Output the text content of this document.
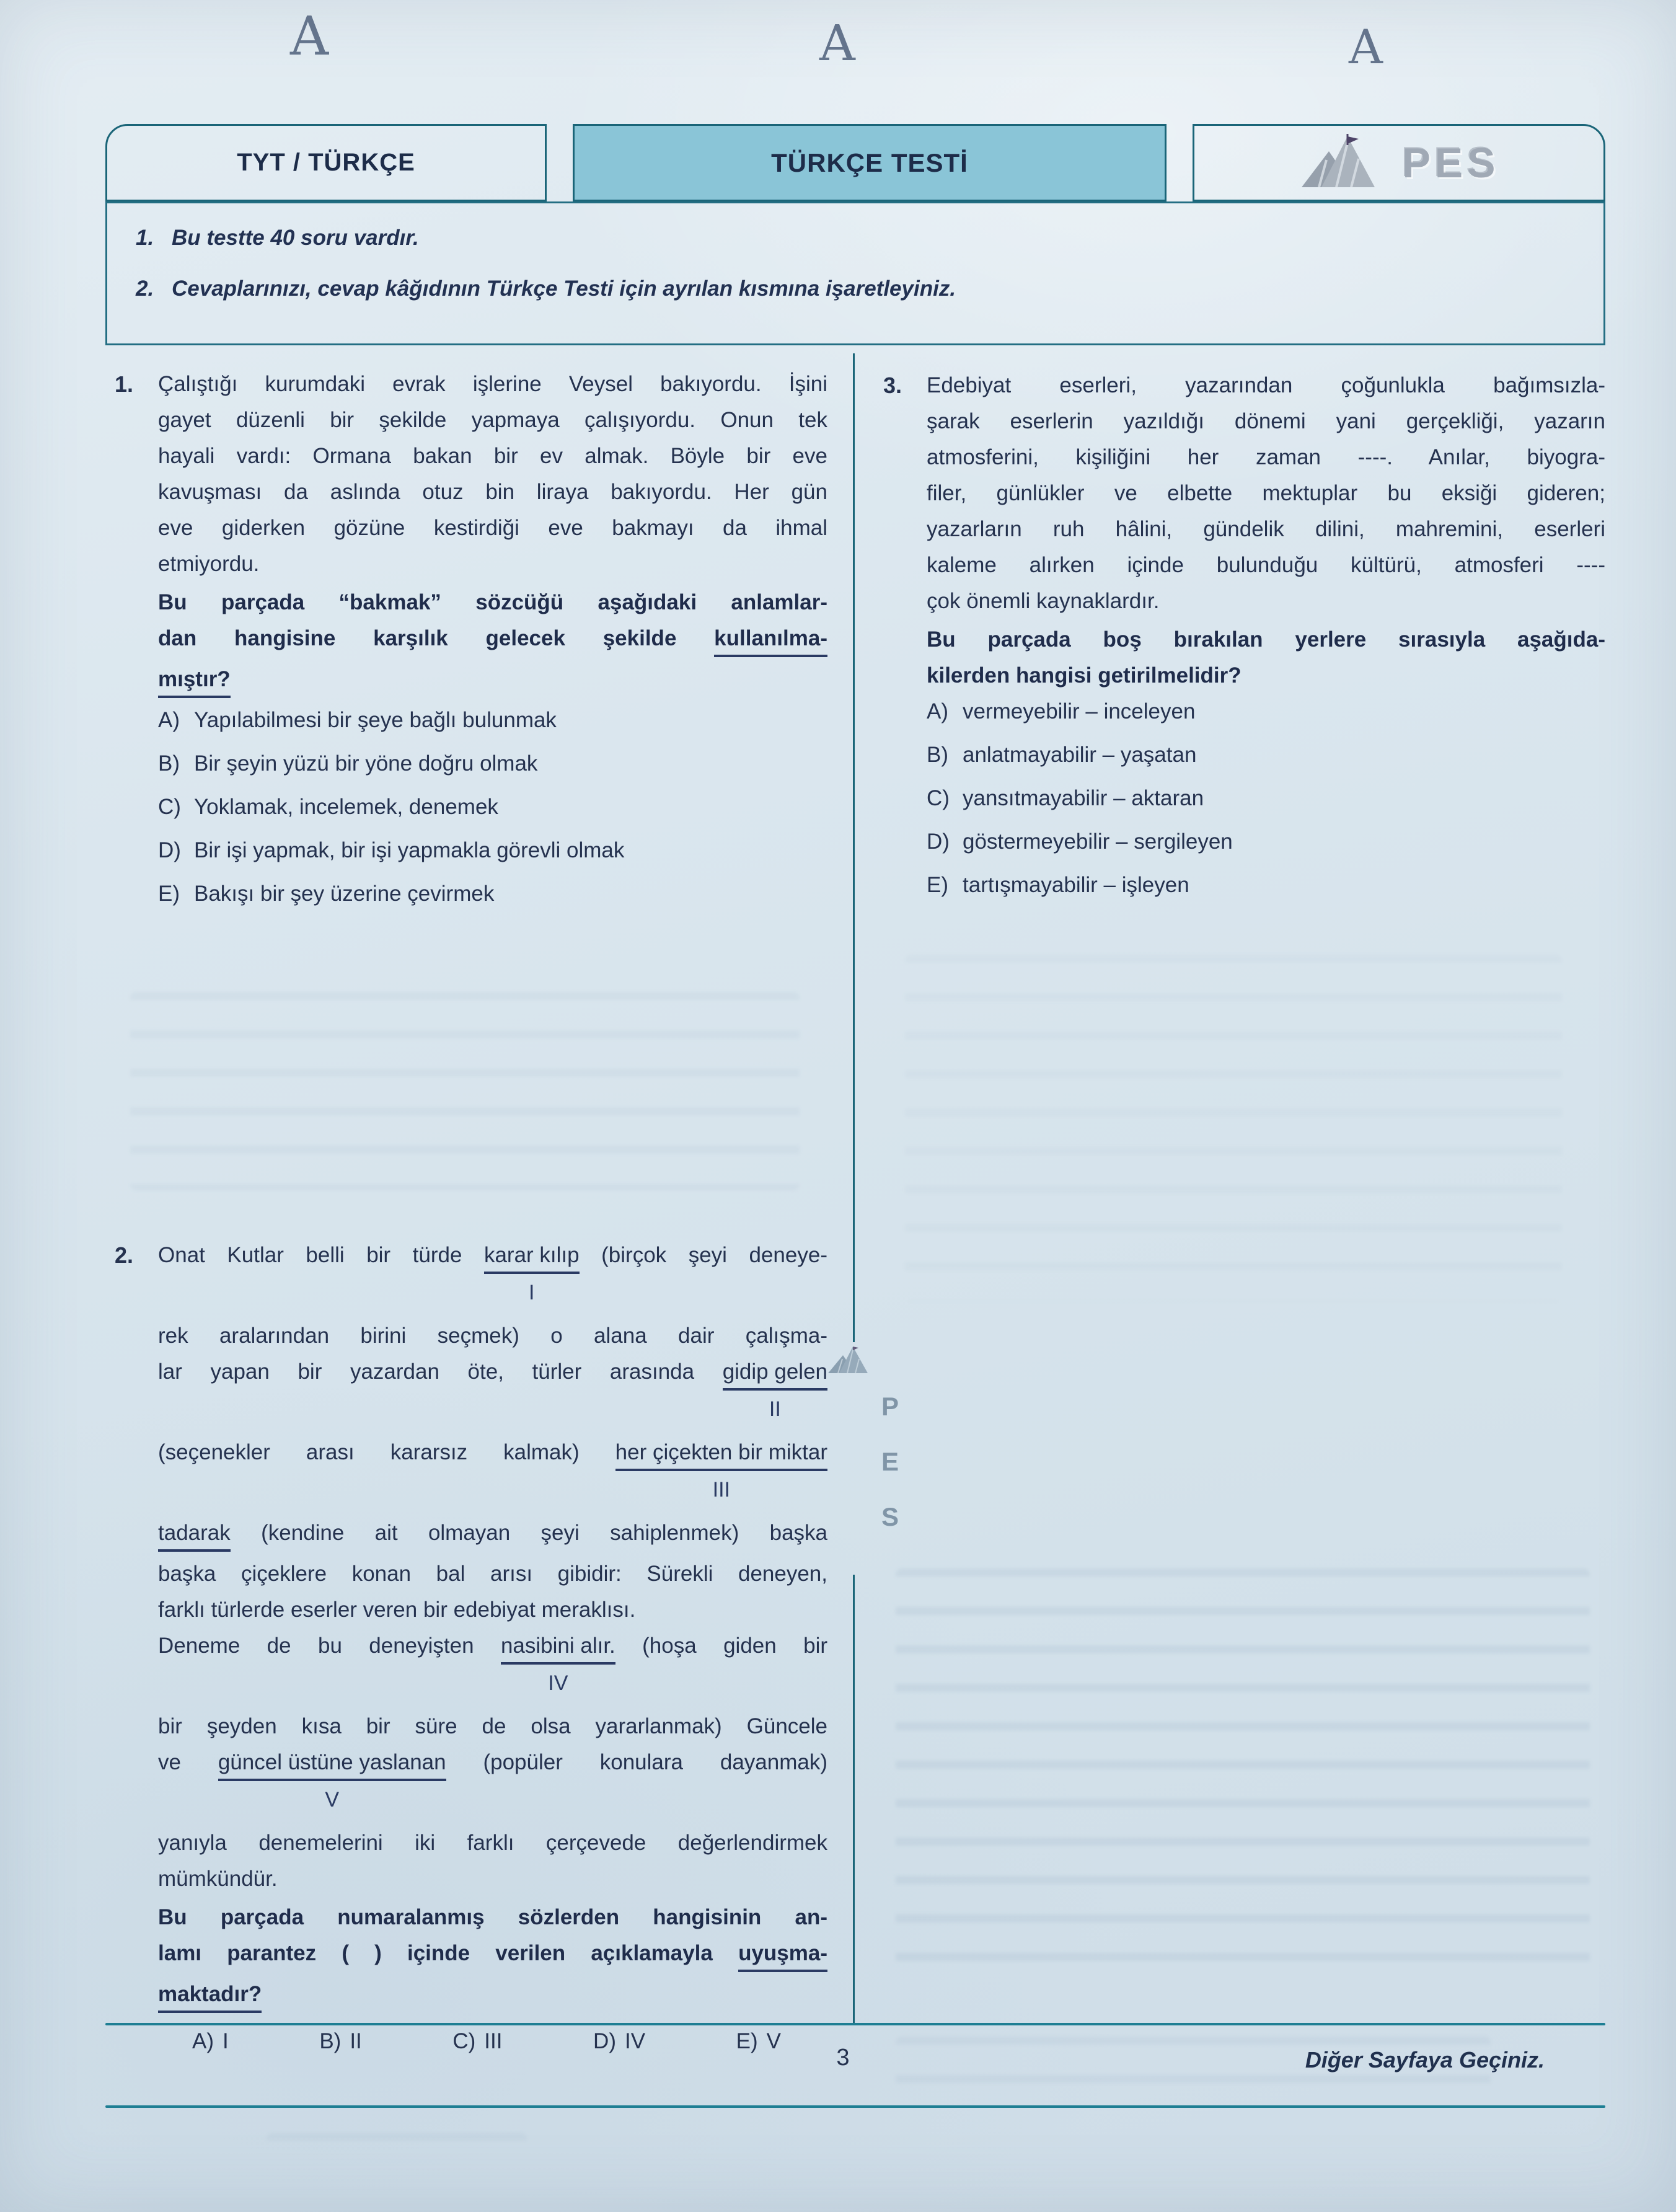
A	A	A
TYT / TÜRKÇE	TÜRKÇE TESTİ	PES
1. Bu testte 40 soru vardır.
2. Cevaplarınızı, cevap kâğıdının Türkçe Testi için ayrılan kısmına işaretleyiniz.
P
E
S
1.	Çalıştığı kurumdaki evrak işlerine Veysel bakıyordu. İşini
gayet düzenli bir şekilde yapmaya çalışıyordu. Onun tek
hayali vardı: Ormana bakan bir ev almak. Böyle bir eve
kavuşması da aslında otuz bin liraya bakıyordu. Her gün
eve giderken gözüne kestirdiği eve bakmayı da ihmal
etmiyordu.
Bu parçada “bakmak” sözcüğü aşağıdaki anlamlar-
dan hangisine karşılık gelecek şekilde kullanılma-
mıştır?
A) Yapılabilmesi bir şeye bağlı bulunmak
B) Bir şeyin yüzü bir yöne doğru olmak
C) Yoklamak, incelemek, denemek
D) Bir işi yapmak, bir işi yapmakla görevli olmak
E) Bakışı bir şey üzerine çevirmek
2.	Onat Kutlar belli bir türde karar kılıp
I
(birçok şeyi deneye-
rek aralarından birini seçmek) o alana dair çalışma-
lar yapan bir yazardan öte, türler arasında gidip gelen
II
(seçenekler arası kararsız kalmak) her çiçekten bir miktar
III
tadarak (kendine ait olmayan şeyi sahiplenmek) başka
başka çiçeklere konan bal arısı gibidir: Sürekli deneyen,
farklı türlerde eserler veren bir edebiyat meraklısı.
Deneme de bu deneyişten nasibini alır.
IV
(hoşa giden bir
bir şeyden kısa bir süre de olsa yararlanmak) Güncele
ve güncel üstüne yaslanan
V
(popüler konulara dayanmak)
yanıyla denemelerini iki farklı çerçevede değerlendirmek
mümkündür.
Bu parçada numaralanmış sözlerden hangisinin an-
lamı parantez ( ) içinde verilen açıklamayla uyuşma-
maktadır?
A) I	B) II	C) III	D) IV	E) V
3.	Edebiyat eserleri, yazarından çoğunlukla bağımsızla-
şarak eserlerin yazıldığı dönemi yani gerçekliği, yazarın
atmosferini, kişiliğini her zaman ----. Anılar, biyogra-
filer, günlükler ve elbette mektuplar bu eksiği gideren;
yazarların ruh hâlini, gündelik dilini, mahremini, eserleri
kaleme alırken içinde bulunduğu kültürü, atmosferi ----
çok önemli kaynaklardır.
Bu parçada boş bırakılan yerlere sırasıyla aşağıda-
kilerden hangisi getirilmelidir?
A) vermeyebilir – inceleyen
B) anlatmayabilir – yaşatan
C) yansıtmayabilir – aktaran
D) göstermeyebilir – sergileyen
E) tartışmayabilir – işleyen
3	Diğer Sayfaya Geçiniz.
